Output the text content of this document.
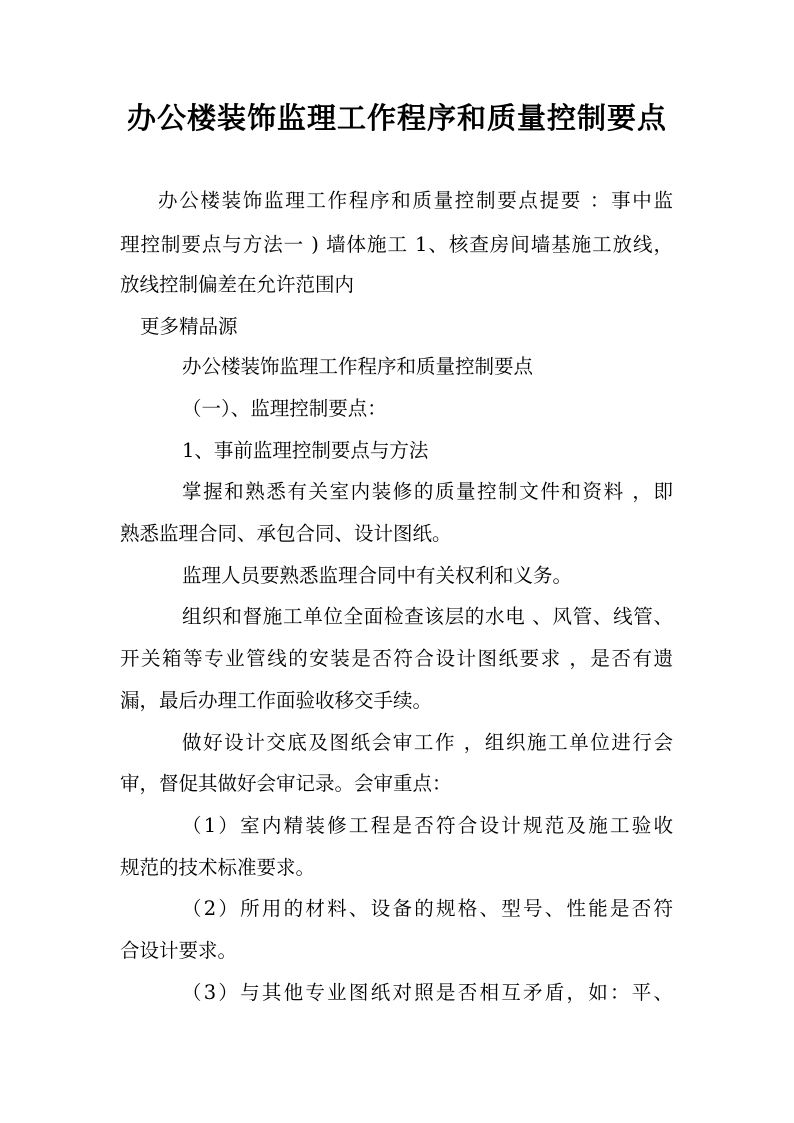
办公楼装饰监理工作程序和质量控制要点
办公楼装饰监理工作程序和质量控制要点提要 ：事中监
理控制要点与方法一 ) 墙体施工 1、核查房间墙基施工放线，
放线控制偏差在允许范围内
更多精品源
办公楼装饰监理工作程序和质量控制要点
（一）、监理控制要点：
1、事前监理控制要点与方法
掌握和熟悉有关室内装修的质量控制文件和资料 ，即
熟悉监理合同、承包合同、设计图纸。
监理人员要熟悉监理合同中有关权利和义务。
组织和督施工单位全面检查该层的水电 、风管、线管、
开关箱等专业管线的安装是否符合设计图纸要求 ，是否有遗
漏，最后办理工作面验收移交手续。
做好设计交底及图纸会审工作 ，组织施工单位进行会
审，督促其做好会审记录。会审重点：
（1）室内精装修工程是否符合设计规范及施工验收
规范的技术标准要求。
（2）所用的材料、设备的规格、型号、性能是否符
合设计要求。
（3）与其他专业图纸对照是否相互矛盾，如：平、
